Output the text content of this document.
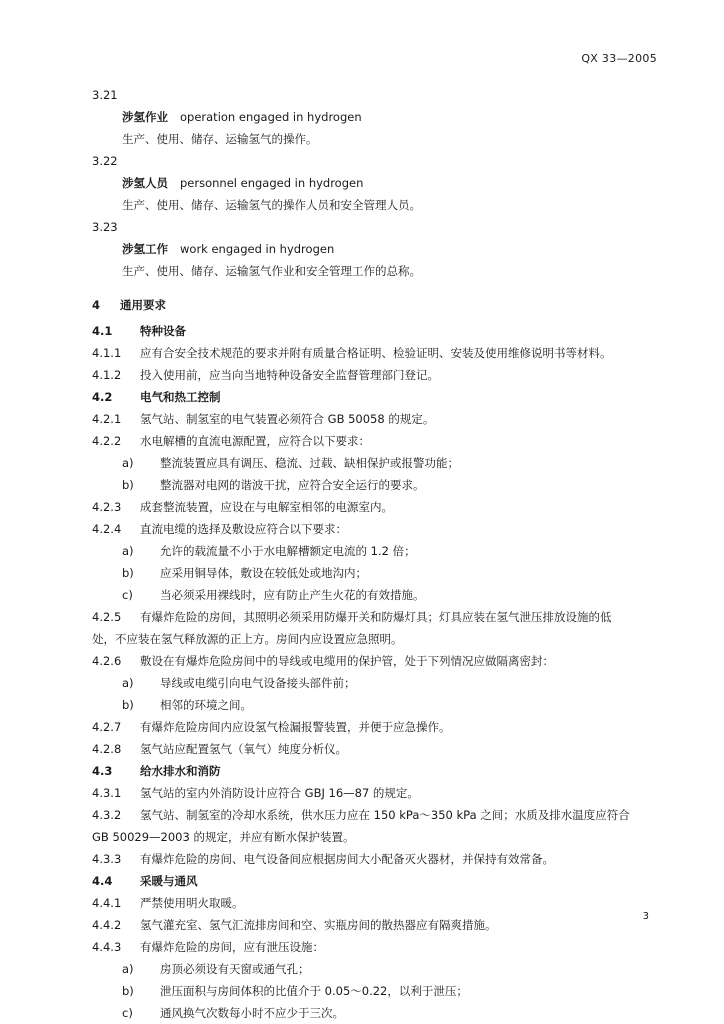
QX 33—2005
3.21
涉氢作业 operation engaged in hydrogen
生产、使用、储存、运输氢气的操作。
3.22
涉氢人员 personnel engaged in hydrogen
生产、使用、储存、运输氢气的操作人员和安全管理人员。
3.23
涉氢工作 work engaged in hydrogen
生产、使用、储存、运输氢气作业和安全管理工作的总称。
4 通用要求
4.1 特种设备
4.1.1 应有合安全技术规范的要求并附有质量合格证明、检验证明、安装及使用维修说明书等材料。
4.1.2 投入使用前，应当向当地特种设备安全监督管理部门登记。
4.2 电气和热工控制
4.2.1 氢气站、制氢室的电气装置必须符合 GB 50058 的规定。
4.2.2 水电解槽的直流电源配置，应符合以下要求：
a) 整流装置应具有调压、稳流、过载、缺相保护或报警功能；
b) 整流器对电网的谐波干扰，应符合安全运行的要求。
4.2.3 成套整流装置，应设在与电解室相邻的电源室内。
4.2.4 直流电缆的选择及敷设应符合以下要求：
a) 允许的载流量不小于水电解槽额定电流的 1.2 倍；
b) 应采用铜导体，敷设在较低处或地沟内；
c) 当必须采用裸线时，应有防止产生火花的有效措施。
4.2.5 有爆炸危险的房间，其照明必须采用防爆开关和防爆灯具；灯具应装在氢气泄压排放设施的低
处，不应装在氢气释放源的正上方。房间内应设置应急照明。
4.2.6 敷设在有爆炸危险房间中的导线或电缆用的保护管，处于下列情况应做隔离密封：
a) 导线或电缆引向电气设备接头部件前；
b) 相邻的环境之间。
4.2.7 有爆炸危险房间内应设氢气检漏报警装置，并便于应急操作。
4.2.8 氢气站应配置氢气（氧气）纯度分析仪。
4.3 给水排水和消防
4.3.1 氢气站的室内外消防设计应符合 GBJ 16—87 的规定。
4.3.2 氢气站、制氢室的冷却水系统，供水压力应在 150 kPa～350 kPa 之间；水质及排水温度应符合
GB 50029—2003 的规定，并应有断水保护装置。
4.3.3 有爆炸危险的房间、电气设备间应根据房间大小配备灭火器材，并保持有效常备。
4.4 采暖与通风
4.4.1 严禁使用明火取暖。
4.4.2 氢气灌充室、氢气汇流排房间和空、实瓶房间的散热器应有隔爽措施。
4.4.3 有爆炸危险的房间，应有泄压设施：
a) 房顶必须设有天窗或通气孔；
b) 泄压面积与房间体积的比值介于 0.05～0.22，以利于泄压；
c) 通风换气次数每小时不应少于三次。
3
